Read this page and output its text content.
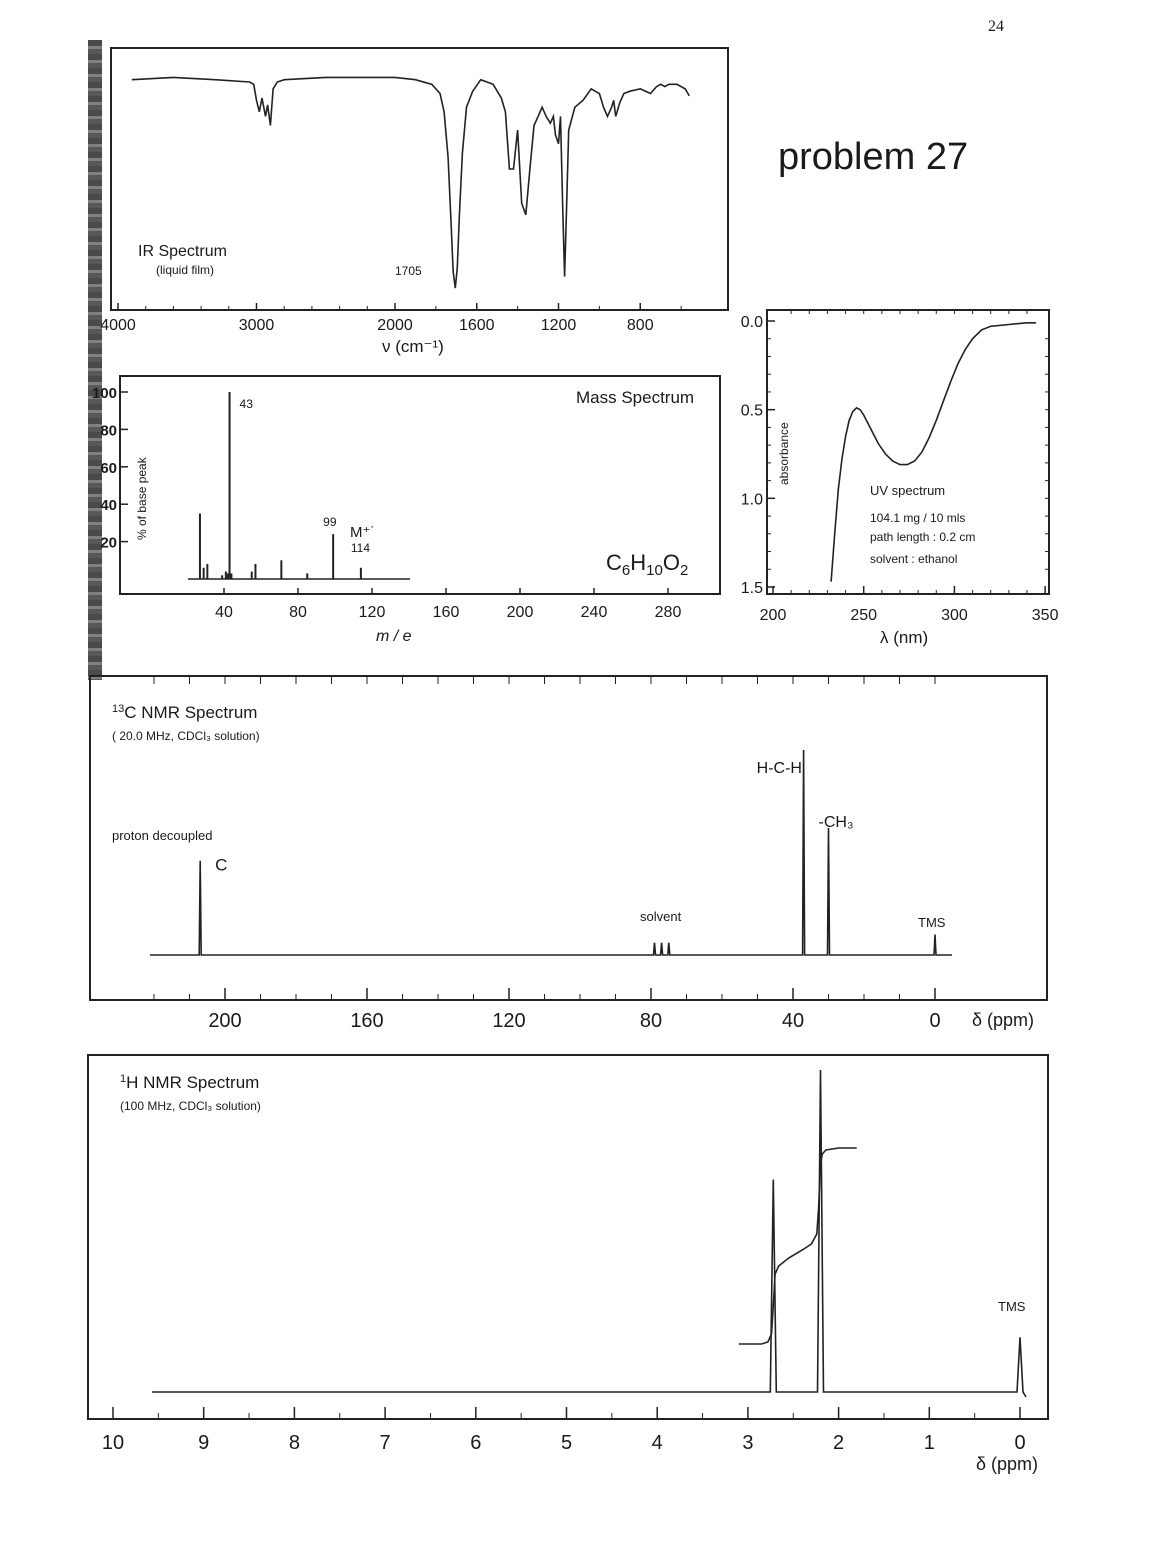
24
problem 27
IR Spectrum
(liquid film)	1705
4000	3000	2000	1600	1200	800
ν (cm⁻¹)
43
99
114
40	80	120	160	200	240	280
20
40
60
80
100	Mass Spectrum
$C_6H_{10}O_2$
M⁺˙
% of base peak
m / e
0.0
0.5
1.0
1.5
200	250	300	350
UV spectrum
104.1 mg / 10 mls
path length : 0.2 cm
solvent : ethanol
absorbance
λ (nm)
200	160	120	80	40	0
C
H-C-H
-CH₃
$^{13}$C NMR Spectrum
( 20.0 MHz, CDCl₃ solution)
proton decoupled
solvent	TMS
δ (ppm)
10	9	8	7	6	5	4	3	2	1	0
$^1$H NMR Spectrum
(100 MHz, CDCl₃ solution)
TMS
δ (ppm)
